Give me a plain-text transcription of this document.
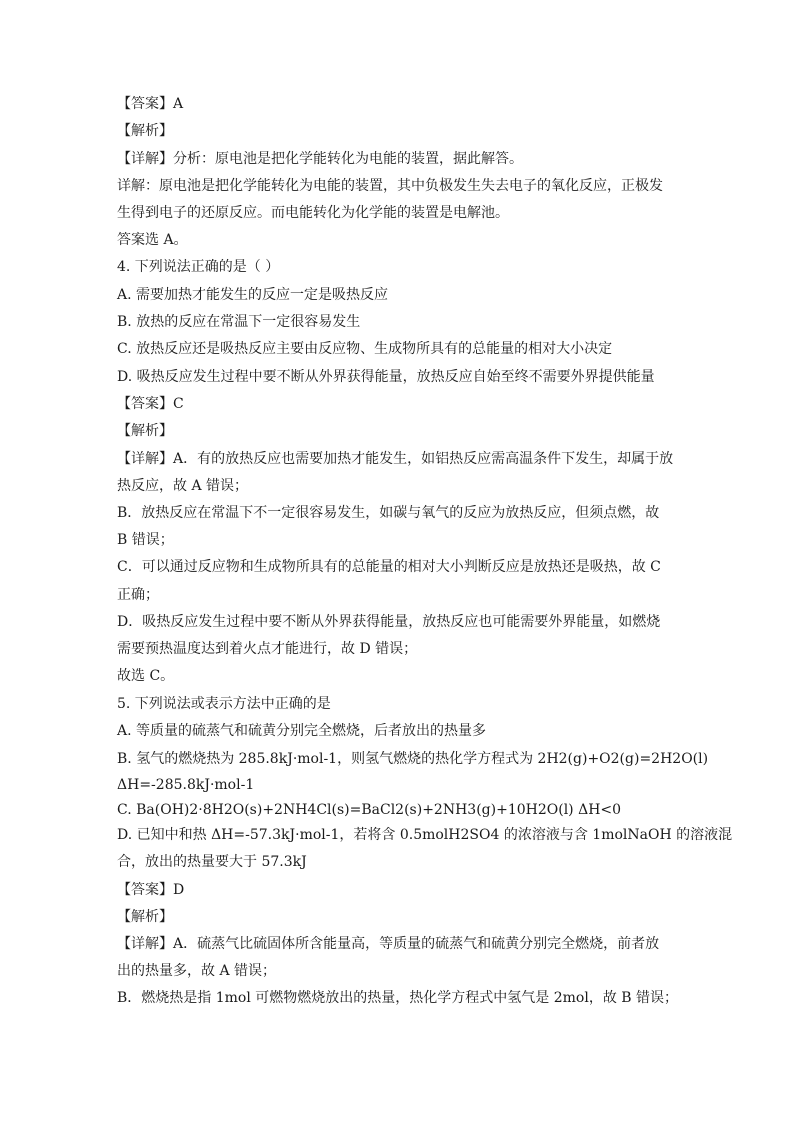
【答案】A
【解析】
【详解】分析：原电池是把化学能转化为电能的装置，据此解答。
详解：原电池是把化学能转化为电能的装置，其中负极发生失去电子的氧化反应，正极发
生得到电子的还原反应。而电能转化为化学能的装置是电解池。
答案选 A。
4. 下列说法正确的是（ ）
A. 需要加热才能发生的反应一定是吸热反应
B. 放热的反应在常温下一定很容易发生
C. 放热反应还是吸热反应主要由反应物、生成物所具有的总能量的相对大小决定
D. 吸热反应发生过程中要不断从外界获得能量，放热反应自始至终不需要外界提供能量
【答案】C
【解析】
【详解】A．有的放热反应也需要加热才能发生，如铝热反应需高温条件下发生，却属于放
热反应，故 A 错误；
B．放热反应在常温下不一定很容易发生，如碳与氧气的反应为放热反应，但须点燃，故
B 错误；
C．可以通过反应物和生成物所具有的总能量的相对大小判断反应是放热还是吸热，故 C
正确；
D．吸热反应发生过程中要不断从外界获得能量，放热反应也可能需要外界能量，如燃烧
需要预热温度达到着火点才能进行，故 D 错误；
故选 C。
5. 下列说法或表示方法中正确的是
A. 等质量的硫蒸气和硫黄分别完全燃烧，后者放出的热量多
B. 氢气的燃烧热为 285.8kJ·mol-1，则氢气燃烧的热化学方程式为 2H2(g)+O2(g)=2H2O(l)
ΔH=-285.8kJ·mol-1
C. Ba(OH)2·8H2O(s)+2NH4Cl(s)=BaCl2(s)+2NH3(g)+10H2O(l) ΔH<0
D. 已知中和热 ΔH=-57.3kJ·mol-1，若将含 0.5molH2SO4 的浓溶液与含 1molNaOH 的溶液混
合，放出的热量要大于 57.3kJ
【答案】D
【解析】
【详解】A．硫蒸气比硫固体所含能量高，等质量的硫蒸气和硫黄分别完全燃烧，前者放
出的热量多，故 A 错误；
B．燃烧热是指 1mol 可燃物燃烧放出的热量，热化学方程式中氢气是 2mol，故 B 错误；
